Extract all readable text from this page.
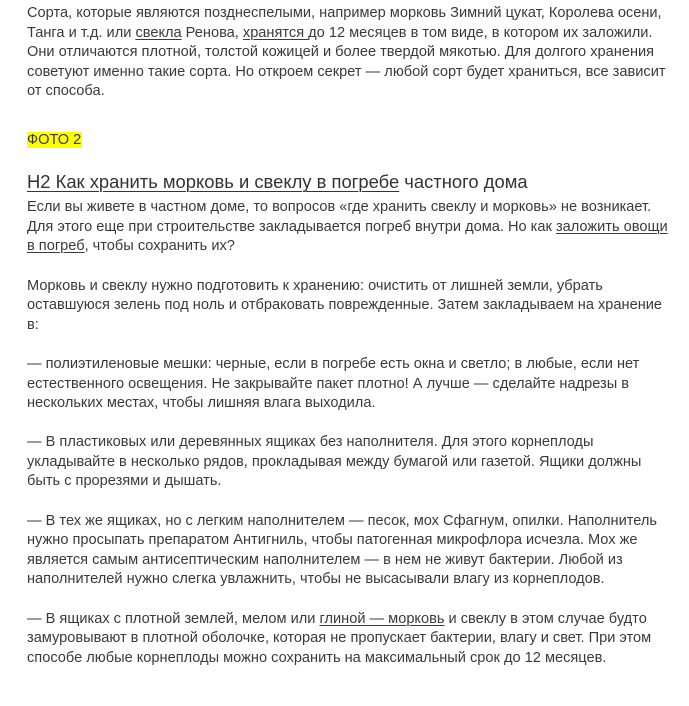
Сорта, которые являются позднеспелыми, например морковь Зимний цукат, Королева осени, Танга и т.д. или свекла Ренова, хранятся до 12 месяцев в том виде, в котором их заложили. Они отличаются плотной, толстой кожицей и более твердой мякотью. Для долгого хранения советуют именно такие сорта. Но откроем секрет — любой сорт будет храниться, все зависит от способа.

ФОТО 2

H2 Как хранить морковь и свеклу в погребе частного дома

Если вы живете в частном доме, то вопросов «где хранить свеклу и морковь» не возникает. Для этого еще при строительстве закладывается погреб внутри дома. Но как заложить овощи в погреб, чтобы сохранить их?

Морковь и свеклу нужно подготовить к хранению: очистить от лишней земли, убрать оставшуюся зелень под ноль и отбраковать поврежденные. Затем закладываем на хранение в:

— полиэтиленовые мешки: черные, если в погребе есть окна и светло; в любые, если нет естественного освещения. Не закрывайте пакет плотно! А лучше — сделайте надрезы в нескольких местах, чтобы лишняя влага выходила.

— В пластиковых или деревянных ящиках без наполнителя. Для этого корнеплоды укладывайте в несколько рядов, прокладывая между бумагой или газетой. Ящики должны быть с прорезями и дышать.

— В тех же ящиках, но с легким наполнителем — песок, мох Сфагнум, опилки. Наполнитель нужно просыпать препаратом Антигниль, чтобы патогенная микрофлора исчезла. Мох же является самым антисептическим наполнителем — в нем не живут бактерии. Любой из наполнителей нужно слегка увлажнить, чтобы не высасывали влагу из корнеплодов.

— В ящиках с плотной землей, мелом или глиной — морковь и свеклу в этом случае будто замуровывают в плотной оболочке, которая не пропускает бактерии, влагу и свет. При этом способе любые корнеплоды можно сохранить на максимальный срок до 12 месяцев.
